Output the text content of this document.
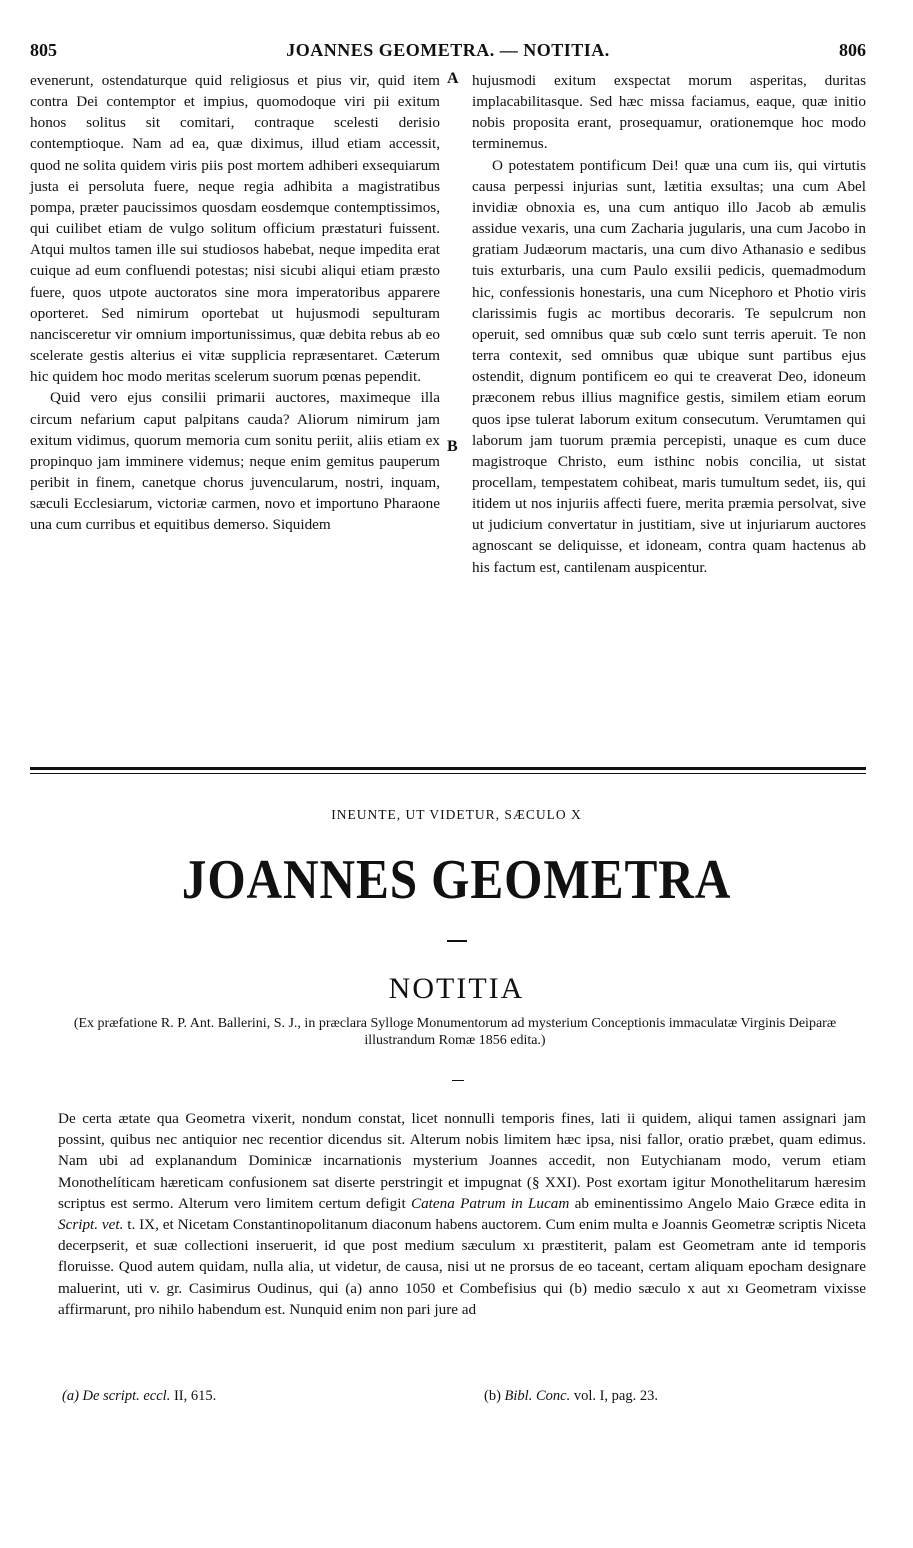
805	JOANNES GEOMETRA. — NOTITIA.	806

evenerunt, ostendaturque quid religiosus et pius vir, quid item contra Dei contemptor et impius, quomodoque viri pii exitum honos solitus sit comitari, contraque scelesti derisio contemptioque. Nam ad ea, quæ diximus, illud etiam accessit, quod ne solita quidem viris piis post mortem adhiberi exsequiarum justa ei persoluta fuere, neque regia adhibita a magistratibus pompa, præter paucissimos quosdam eosdemque contemptissimos, qui cuilibet etiam de vulgo solitum officium præstaturi fuissent. Atqui multos tamen ille sui studiosos habebat, neque impedita erat cuique ad eum confluendi potestas; nisi sicubi aliqui etiam præsto fuere, quos utpote auctoratos sine mora imperatoribus apparere oporteret. Sed nimirum oportebat ut hujusmodi sepulturam nancisceretur vir omnium importunissimus, quæ debita rebus ab eo scelerate gestis alterius ei vitæ supplicia repræsentaret. Cæterum hic quidem hoc modo meritas scelerum suorum pœnas pependit.

Quid vero ejus consilii primarii auctores, maximeque illa circum nefarium caput palpitans cauda? Aliorum nimirum jam exitum vidimus, quorum memoria cum sonitu periit, aliis etiam ex propinquo jam imminere videmus; neque enim gemitus pauperum peribit in finem, canetque chorus juvencularum, nostri, inquam, sæculi Ecclesiarum, victoriæ carmen, novo et importuno Pharaone una cum curribus et equitibus demerso. Siquidem

A
B

hujusmodi exitum exspectat morum asperitas, duritas implacabilitasque. Sed hæc missa faciamus, eaque, quæ initio nobis proposita erant, prosequamur, orationemque hoc modo terminemus.

O potestatem pontificum Dei! quæ una cum iis, qui virtutis causa perpessi injurias sunt, lætitia exsultas; una cum Abel invidiæ obnoxia es, una cum antiquo illo Jacob ab æmulis assidue vexaris, una cum Zacharia jugularis, una cum Jacobo in gratiam Judæorum mactaris, una cum divo Athanasio e sedibus tuis exturbaris, una cum Paulo exsilii pedicis, quemadmodum hic, confessionis honestaris, una cum Nicephoro et Photio viris clarissimis fugis ac mortibus decoraris. Te sepulcrum non operuit, sed omnibus quæ sub cœlo sunt terris aperuit. Te non terra contexit, sed omnibus quæ ubique sunt partibus ejus ostendit, dignum pontificem eo qui te creaverat Deo, idoneum præconem rebus illius magnifice gestis, similem etiam eorum quos ipse tulerat laborum exitum consecutum. Verumtamen qui laborum jam tuorum præmia percepisti, unaque es cum duce magistroque Christo, eum isthinc nobis concilia, ut sistat procellam, tempestatem cohibeat, maris tumultum sedet, iis, qui itidem ut nos injuriis affecti fuere, merita præmia persolvat, sive ut judicium convertatur in justitiam, sive ut injuriarum auctores agnoscant se deliquisse, et idoneam, contra quam hactenus ab his factum est, cantilenam auspicentur.

INEUNTE, UT VIDETUR, SÆCULO X
JOANNES GEOMETRA
NOTITIA
(Ex præfatione R. P. Ant. Ballerini, S. J., in præclara Sylloge Monumentorum ad mysterium Conceptionis immaculatæ Virginis Deiparæ illustrandum Romæ 1856 edita.)

De certa ætate qua Geometra vixerit, nondum constat, licet nonnulli temporis fines, lati ii quidem, aliqui tamen assignari jam possint, quibus nec antiquior nec recentior dicendus sit. Alterum nobis limitem hæc ipsa, nisi fallor, oratio præbet, quam edimus. Nam ubi ad explanandum Dominicæ incarnationis mysterium Joannes accedit, non Eutychianam modo, verum etiam Monothelíticam hæreticam confusionem sat diserte perstringit et impugnat (§ XXI). Post exortam igitur Monothelitarum hæresim scriptus est sermo. Alterum vero limitem certum defigit Catena Patrum in Lucam ab eminentissimo Angelo Maio Græce edita in Script. vet. t. IX, et Nicetam Constantinopolitanum diaconum habens auctorem. Cum enim multa e Joannis Geometræ scriptis Niceta decerpserit, et suæ collectioni inseruerit, id que post medium sæculum xı præstiterit, palam est Geometram ante id temporis floruisse. Quod autem quidam, nulla alia, ut videtur, de causa, nisi ut ne prorsus de eo taceant, certam aliquam epocham designare maluerint, uti v. gr. Casimirus Oudinus, qui (a) anno 1050 et Combefisius qui (b) medio sæculo x aut xı Geometram vixisse affirmarunt, pro nihilo habendum est. Nunquid enim non pari jure ad

(a) De script. eccl. II, 615.	(b) Bibl. Conc. vol. I, pag. 23.
